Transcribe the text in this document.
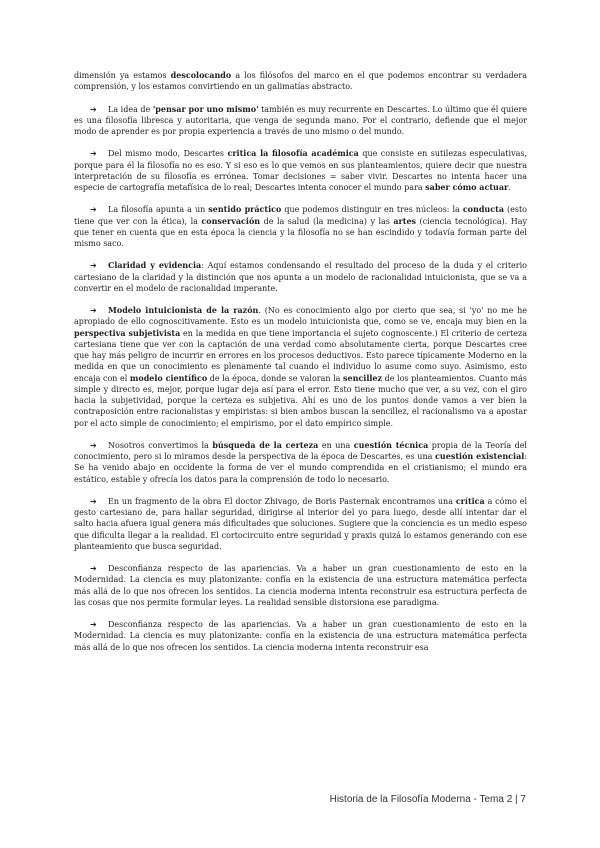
dimensión ya estamos descolocando a los filósofos del marco en el que podemos encontrar su verdadera comprensión, y los estamos convirtiendo en un galimatías abstracto.

➔ La idea de 'pensar por uno mismo' también es muy recurrente en Descartes. Lo último que él quiere es una filosofía libresca y autoritaria, que venga de segunda mano. Por el contrario, defiende que el mejor modo de aprender es por propia experiencia a través de uno mismo o del mundo.

➔ Del mismo modo, Descartes critica la filosofía académica que consiste en sutilezas especulativas, porque para él la filosofía no es eso. Y si eso es lo que vemos en sus planteamientos, quiere decir que nuestra interpretación de su filosofía es errónea. Tomar decisiones = saber vivir. Descartes no intenta hacer una especie de cartografía metafísica de lo real; Descartes intenta conocer el mundo para saber cómo actuar.

➔ La filosofía apunta a un sentido práctico que podemos distinguir en tres núcleos: la conducta (esto tiene que ver con la ética), la conservación de la salud (la medicina) y las artes (ciencia tecnológica). Hay que tener en cuenta que en esta época la ciencia y la filosofía no se han escindido y todavía forman parte del mismo saco.

➔ Claridad y evidencia: Aquí estamos condensando el resultado del proceso de la duda y el criterio cartesiano de la claridad y la distinción que nos apunta a un modelo de racionalidad intuicionista, que se va a convertir en el modelo de racionalidad imperante.

➔ Modelo intuicionista de la razón. (No es conocimiento algo por cierto que sea, si 'yo' no me he apropiado de ello cognoscitivamente. Esto es un modelo intuicionista que, como se ve, encaja muy bien en la perspectiva subjetivista en la medida en que tiene importancia el sujeto cognoscente.) El criterio de certeza cartesiana tiene que ver con la captación de una verdad como absolutamente cierta, porque Descartes cree que hay más peligro de incurrir en errores en los procesos deductivos. Esto parece típicamente Moderno en la medida en que un conocimiento es plenamente tal cuando el individuo lo asume como suyo. Asimismo, esto encaja con el modelo científico de la época, donde se valoran la sencillez de los planteamientos. Cuanto más simple y directo es, mejor, porque lugar deja así para el error. Esto tiene mucho que ver, a su vez, con el giro hacia la subjetividad, porque la certeza es subjetiva. Ahí es uno de los puntos donde vamos a ver bien la contraposición entre racionalistas y empiristas: si bien ambos buscan la sencillez, el racionalismo va a apostar por el acto simple de conocimiento; el empirismo, por el dato empírico simple.

➔ Nosotros convertimos la búsqueda de la certeza en una cuestión técnica propia de la Teoría del conocimiento, pero si lo miramos desde la perspectiva de la época de Descartes, es una cuestión existencial: Se ha venido abajo en occidente la forma de ver el mundo comprendida en el cristianismo; el mundo era estático, estable y ofrecía los datos para la comprensión de todo lo necesario.

➔ En un fragmento de la obra El doctor Zhivago, de Boris Pasternak encontramos una crítica a cómo el gesto cartesiano de, para hallar seguridad, dirigirse al interior del yo para luego, desde allí intentar dar el salto hacia afuera igual genera más dificultades que soluciones. Sugiere que la conciencia es un medio espeso que dificulta llegar a la realidad. El cortocircuito entre seguridad y praxis quizá lo estamos generando con ese planteamiento que busca seguridad.

➔ Desconfianza respecto de las apariencias. Va a haber un gran cuestionamiento de esto en la Modernidad. La ciencia es muy platonizante: confía en la existencia de una estructura matemática perfecta más allá de lo que nos ofrecen los sentidos. La ciencia moderna intenta reconstruir esa estructura perfecta de las cosas que nos permite formular leyes. La realidad sensible distorsiona ese paradigma.

➔ Desconfianza respecto de las apariencias. Va a haber un gran cuestionamiento de esto en la Modernidad. La ciencia es muy platonizante: confía en la existencia de una estructura matemática perfecta más allá de lo que nos ofrecen los sentidos. La ciencia moderna intenta reconstruir esa

Historia de la Filosofía Moderna - Tema 2 | 7
